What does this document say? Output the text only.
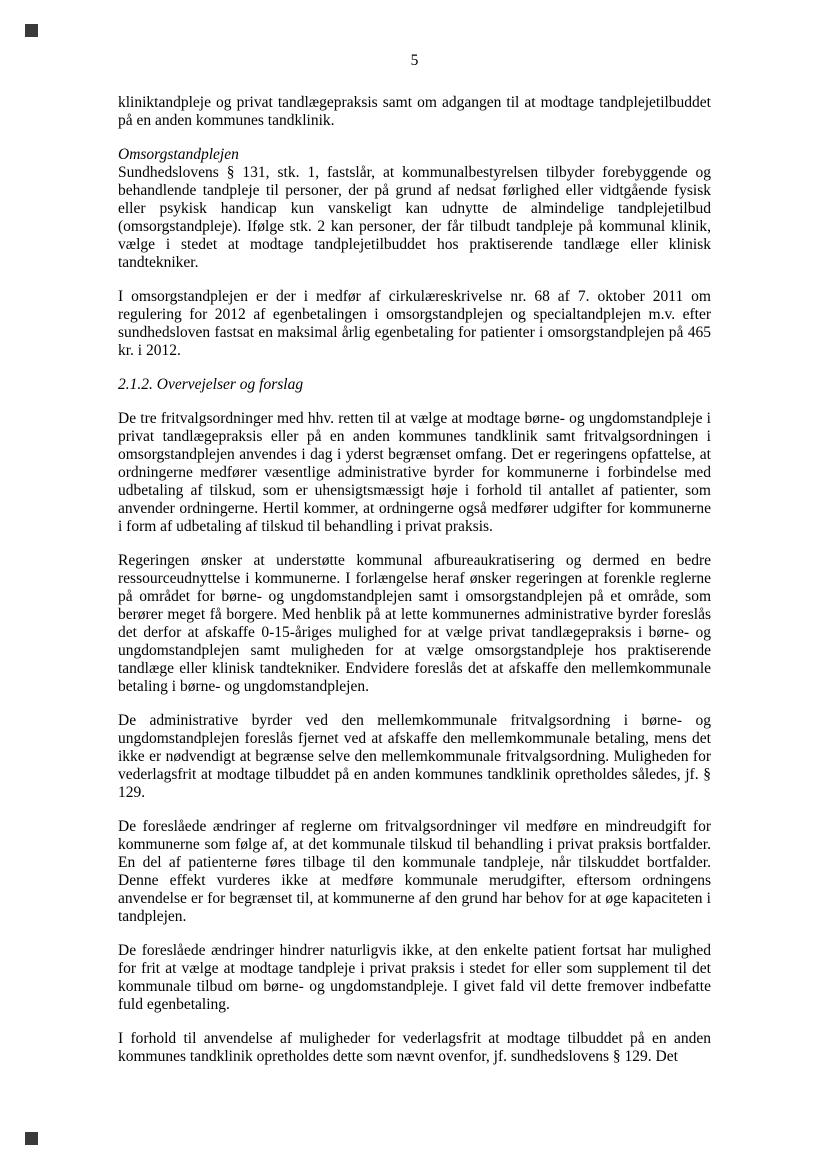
5

kliniktandpleje og privat tandlægepraksis samt om adgangen til at modtage tandplejetilbuddet på en anden kommunes tandklinik.

Omsorgstandplejen

Sundhedslovens § 131, stk. 1, fastslår, at kommunalbestyrelsen tilbyder forebyggende og behandlende tandpleje til personer, der på grund af nedsat førlighed eller vidtgående fysisk eller psykisk handicap kun vanskeligt kan udnytte de almindelige tandplejetilbud (omsorgstandpleje). Ifølge stk. 2 kan personer, der får tilbudt tandpleje på kommunal klinik, vælge i stedet at modtage tandplejetilbuddet hos praktiserende tandlæge eller klinisk tandtekniker.

I omsorgstandplejen er der i medfør af cirkulæreskrivelse nr. 68 af 7. oktober 2011 om regulering for 2012 af egenbetalingen i omsorgstandplejen og specialtandplejen m.v. efter sundhedsloven fastsat en maksimal årlig egenbetaling for patienter i omsorgstandplejen på 465 kr. i 2012.

2.1.2. Overvejelser og forslag

De tre fritvalgsordninger med hhv. retten til at vælge at modtage børne- og ungdomstandpleje i privat tandlægepraksis eller på en anden kommunes tandklinik samt fritvalgsordningen i omsorgstandplejen anvendes i dag i yderst begrænset omfang. Det er regeringens opfattelse, at ordningerne medfører væsentlige administrative byrder for kommunerne i forbindelse med udbetaling af tilskud, som er uhensigtsmæssigt høje i forhold til antallet af patienter, som anvender ordningerne. Hertil kommer, at ordningerne også medfører udgifter for kommunerne i form af udbetaling af tilskud til behandling i privat praksis.

Regeringen ønsker at understøtte kommunal afbureaukratisering og dermed en bedre ressourceudnyttelse i kommunerne. I forlængelse heraf ønsker regeringen at forenkle reglerne på området for børne- og ungdomstandplejen samt i omsorgstandplejen på et område, som berører meget få borgere. Med henblik på at lette kommunernes administrative byrder foreslås det derfor at afskaffe 0-15-åriges mulighed for at vælge privat tandlægepraksis i børne- og ungdomstandplejen samt muligheden for at vælge omsorgstandpleje hos praktiserende tandlæge eller klinisk tandtekniker. Endvidere foreslås det at afskaffe den mellemkommunale betaling i børne- og ungdomstandplejen.

De administrative byrder ved den mellemkommunale fritvalgsordning i børne- og ungdomstandplejen foreslås fjernet ved at afskaffe den mellemkommunale betaling, mens det ikke er nødvendigt at begrænse selve den mellemkommunale fritvalgsordning. Muligheden for vederlagsfrit at modtage tilbuddet på en anden kommunes tandklinik opretholdes således, jf. § 129.

De foreslåede ændringer af reglerne om fritvalgsordninger vil medføre en mindreudgift for kommunerne som følge af, at det kommunale tilskud til behandling i privat praksis bortfalder. En del af patienterne føres tilbage til den kommunale tandpleje, når tilskuddet bortfalder. Denne effekt vurderes ikke at medføre kommunale merudgifter, eftersom ordningens anvendelse er for begrænset til, at kommunerne af den grund har behov for at øge kapaciteten i tandplejen.

De foreslåede ændringer hindrer naturligvis ikke, at den enkelte patient fortsat har mulighed for frit at vælge at modtage tandpleje i privat praksis i stedet for eller som supplement til det kommunale tilbud om børne- og ungdomstandpleje. I givet fald vil dette fremover indbefatte fuld egenbetaling.

I forhold til anvendelse af muligheder for vederlagsfrit at modtage tilbuddet på en anden kommunes tandklinik opretholdes dette som nævnt ovenfor, jf. sundhedslovens § 129. Det
